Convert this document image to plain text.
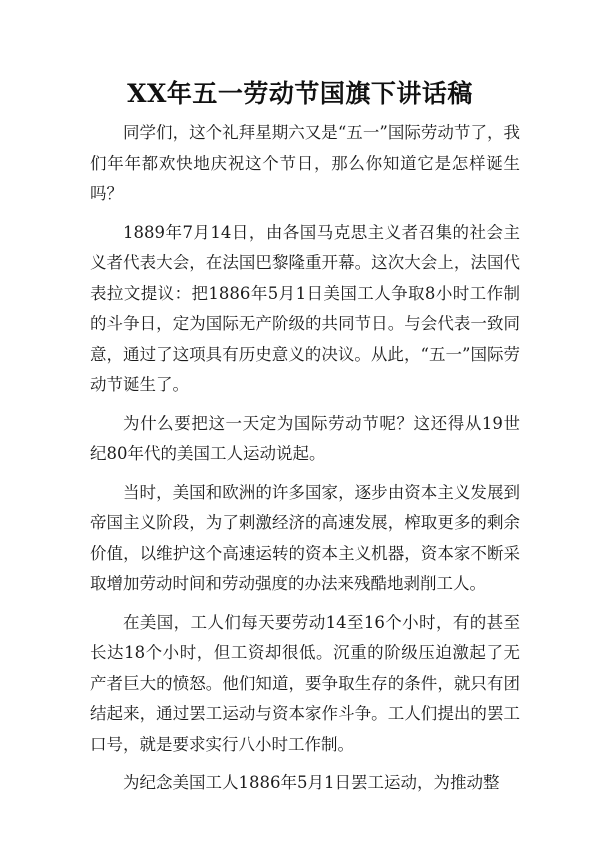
XX年五一劳动节国旗下讲话稿

同学们，这个礼拜星期六又是“五一”国际劳动节了，我们年年都欢快地庆祝这个节日，那么你知道它是怎样诞生吗？

1889年7月14日，由各国马克思主义者召集的社会主义者代表大会，在法国巴黎隆重开幕。这次大会上，法国代表拉文提议：把1886年5月1日美国工人争取8小时工作制的斗争日，定为国际无产阶级的共同节日。与会代表一致同意，通过了这项具有历史意义的决议。从此，“五一”国际劳动节诞生了。

为什么要把这一天定为国际劳动节呢？这还得从19世纪80年代的美国工人运动说起。

当时，美国和欧洲的许多国家，逐步由资本主义发展到帝国主义阶段，为了刺激经济的高速发展，榨取更多的剩余价值，以维护这个高速运转的资本主义机器，资本家不断采取增加劳动时间和劳动强度的办法来残酷地剥削工人。

在美国，工人们每天要劳动14至16个小时，有的甚至长达18个小时，但工资却很低。沉重的阶级压迫激起了无产者巨大的愤怒。他们知道，要争取生存的条件，就只有团结起来，通过罢工运动与资本家作斗争。工人们提出的罢工口号，就是要求实行八小时工作制。

为纪念美国工人1886年5月1日罢工运动，为推动整
